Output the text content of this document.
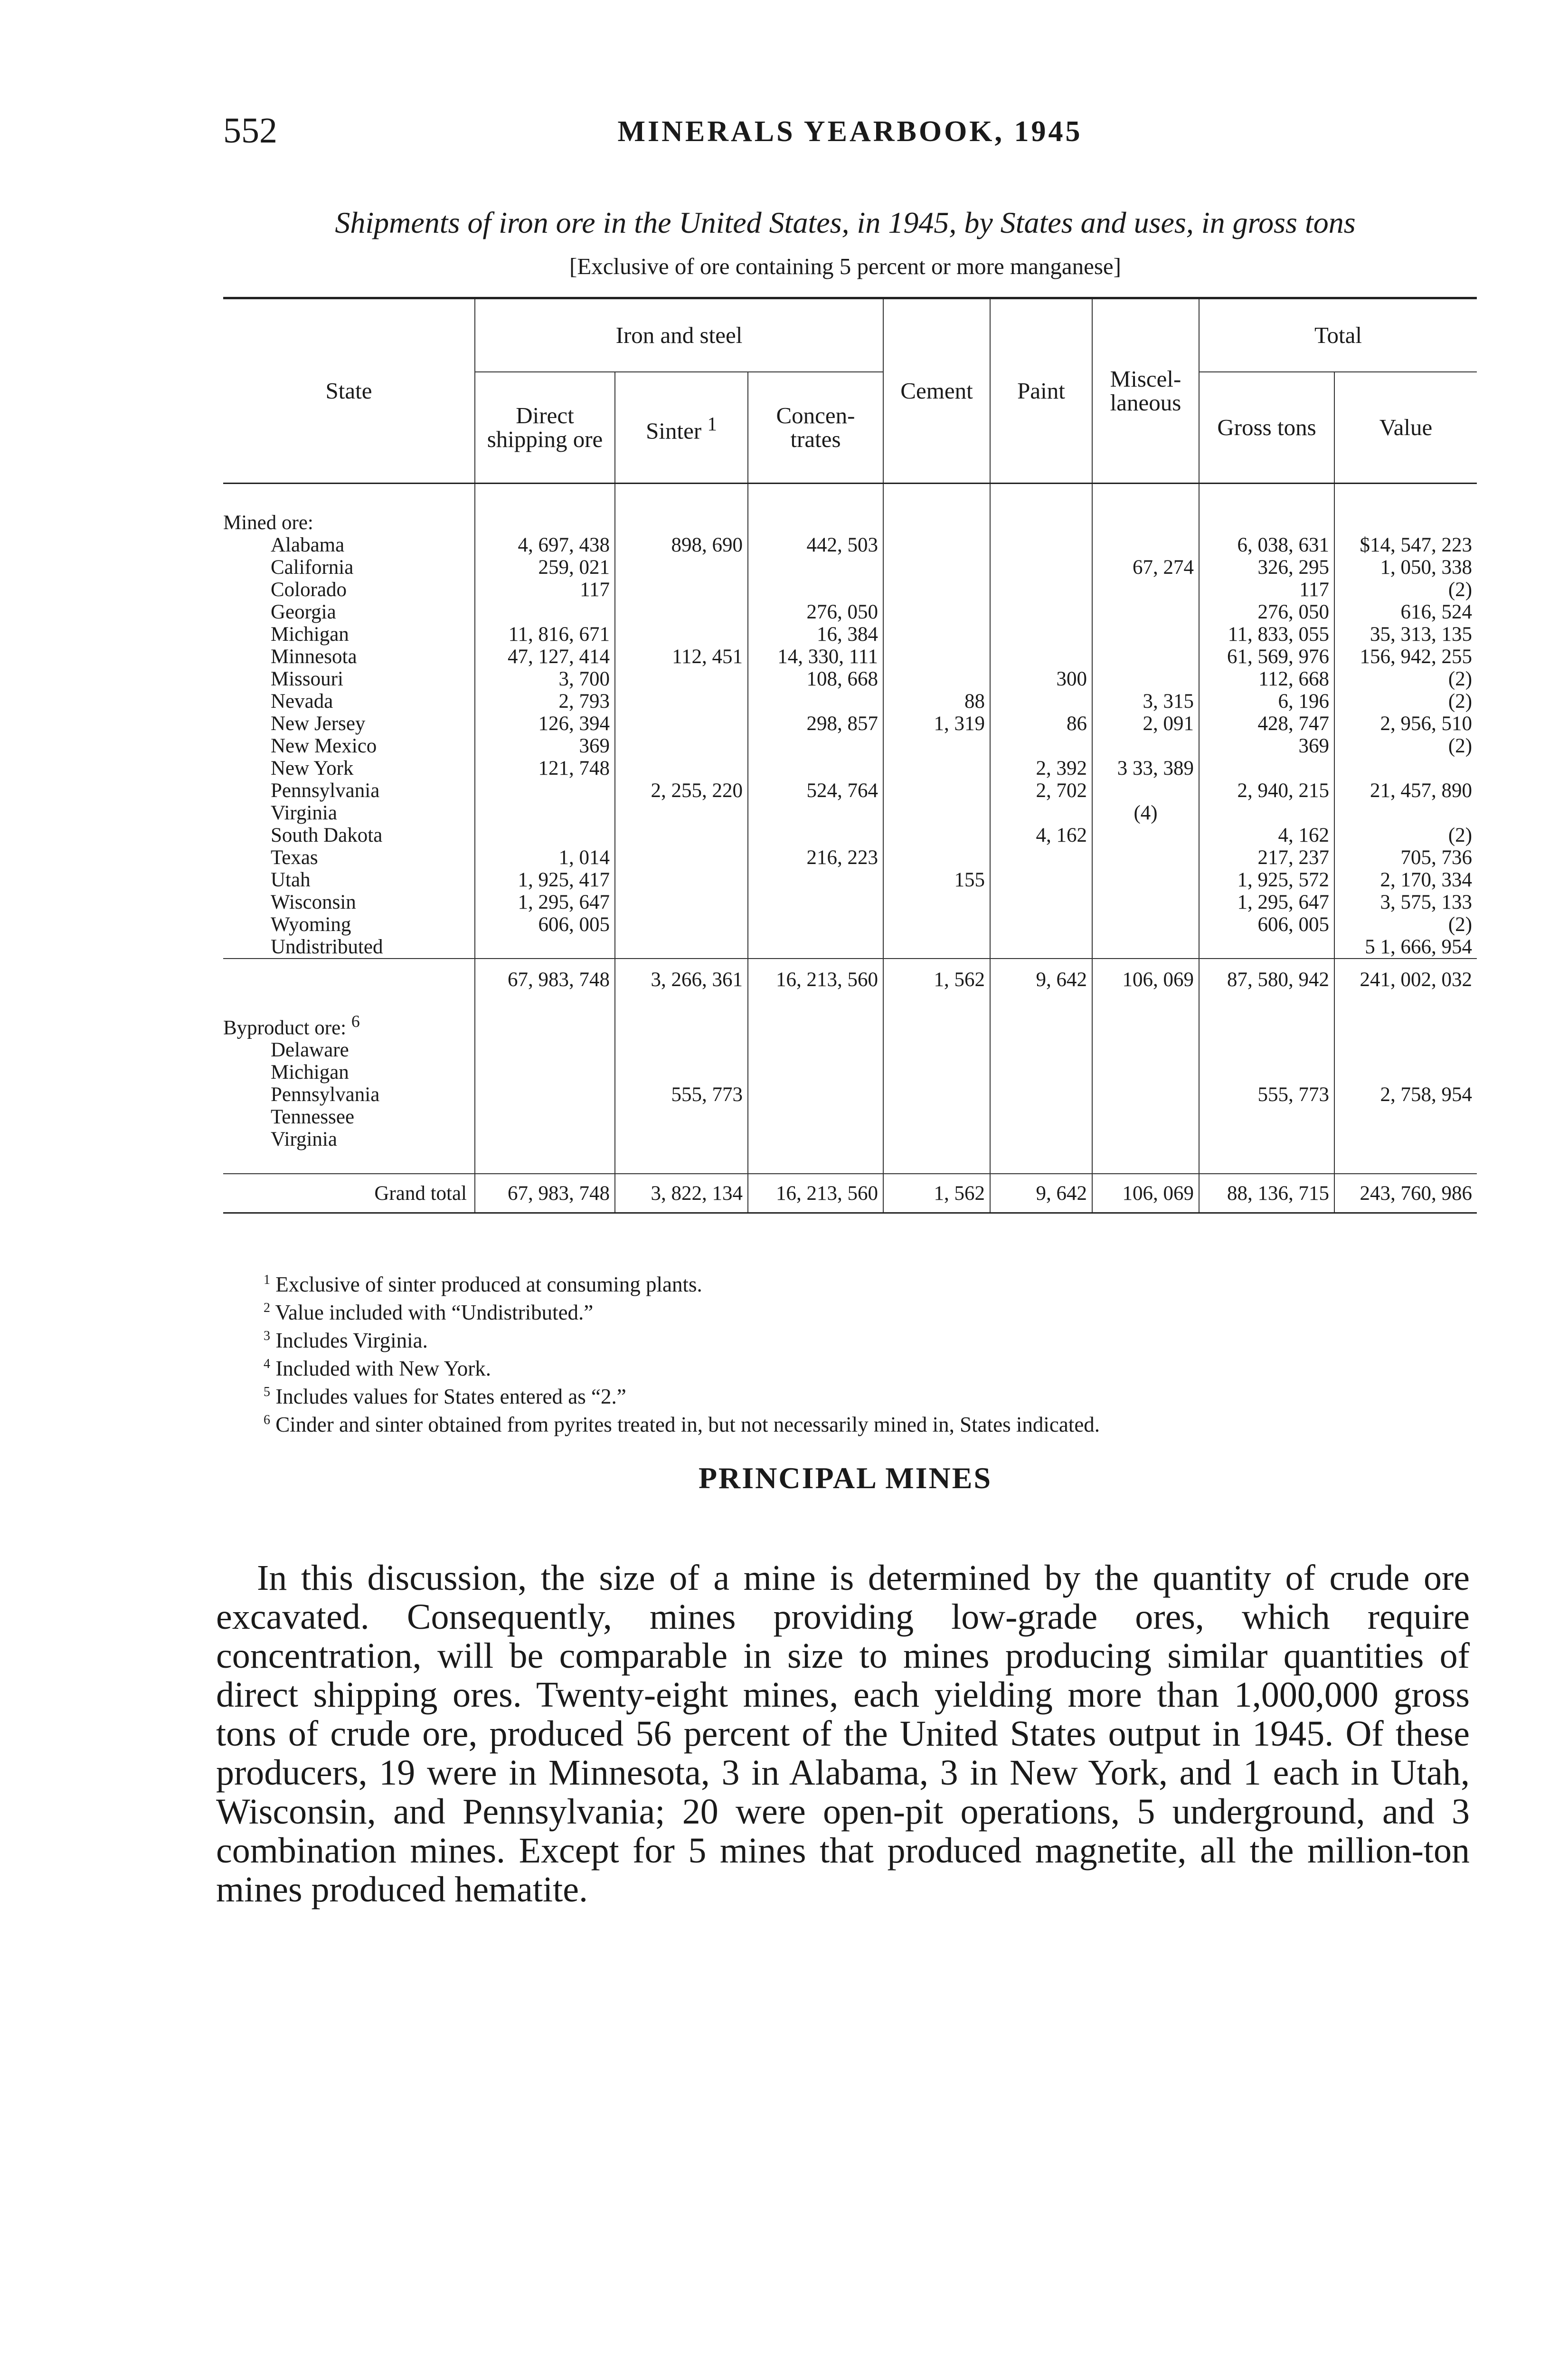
552	MINERALS YEARBOOK, 1945
Shipments of iron ore in the United States, in 1945, by States and uses, in gross tons
[Exclusive of ore containing 5 percent or more manganese]
State	Iron and steel			Cement	Paint	Miscel-laneous	Total	
	Direct shipping ore	Sinter $^1$	Concen-trates				Gross tons	Value

Mined ore:								
Alabama	4, 697, 438	898, 690	442, 503				6, 038, 631	$14, 547, 223
California	259, 021					67, 274	326, 295	1, 050, 338
Colorado	117						117	(2)
Georgia			276, 050				276, 050	616, 524
Michigan	11, 816, 671		16, 384				11, 833, 055	35, 313, 135
Minnesota	47, 127, 414	112, 451	14, 330, 111				61, 569, 976	156, 942, 255
Missouri	3, 700		108, 668		300		112, 668	(2)
Nevada	2, 793			88		3, 315	6, 196	(2)
New Jersey	126, 394		298, 857	1, 319	86	2, 091	428, 747	2, 956, 510
New Mexico	369						369	(2)
New York	121, 748				2, 392	3 33, 389		
Pennsylvania		2, 255, 220	524, 764		2, 702		2, 940, 215	21, 457, 890
Virginia						(4)		
South Dakota					4, 162		4, 162	(2)
Texas	1, 014		216, 223				217, 237	705, 736
Utah	1, 925, 417			155			1, 925, 572	2, 170, 334
Wisconsin	1, 295, 647						1, 295, 647	3, 575, 133
Wyoming	606, 005						606, 005	(2)
Undistributed								5 1, 666, 954
	67, 983, 748	3, 266, 361	16, 213, 560	1, 562	9, 642	106, 069	87, 580, 942	241, 002, 032
Byproduct ore: $^6$								
Delaware								
Michigan								
Pennsylvania		555, 773					555, 773	2, 758, 954
Tennessee								
Virginia								

Grand total	67, 983, 748	3, 822, 134	16, 213, 560	1, 562	9, 642	106, 069	88, 136, 715	243, 760, 986
$^1$ Exclusive of sinter produced at consuming plants.
$^2$ Value included with “Undistributed.”
$^3$ Includes Virginia.
$^4$ Included with New York.
$^5$ Includes values for States entered as “2.”
$^6$ Cinder and sinter obtained from pyrites treated in, but not necessarily mined in, States indicated.
PRINCIPAL MINES

In this discussion, the size of a mine is determined by the quantity of crude ore excavated. Consequently, mines providing low-grade ores, which require concentration, will be comparable in size to mines producing similar quantities of direct shipping ores. Twenty-eight mines, each yielding more than 1,000,000 gross tons of crude ore, produced 56 percent of the United States output in 1945. Of these producers, 19 were in Minnesota, 3 in Alabama, 3 in New York, and 1 each in Utah, Wisconsin, and Pennsylvania; 20 were open-pit operations, 5 underground, and 3 combination mines. Except for 5 mines that produced magnetite, all the million-ton mines produced hematite.
